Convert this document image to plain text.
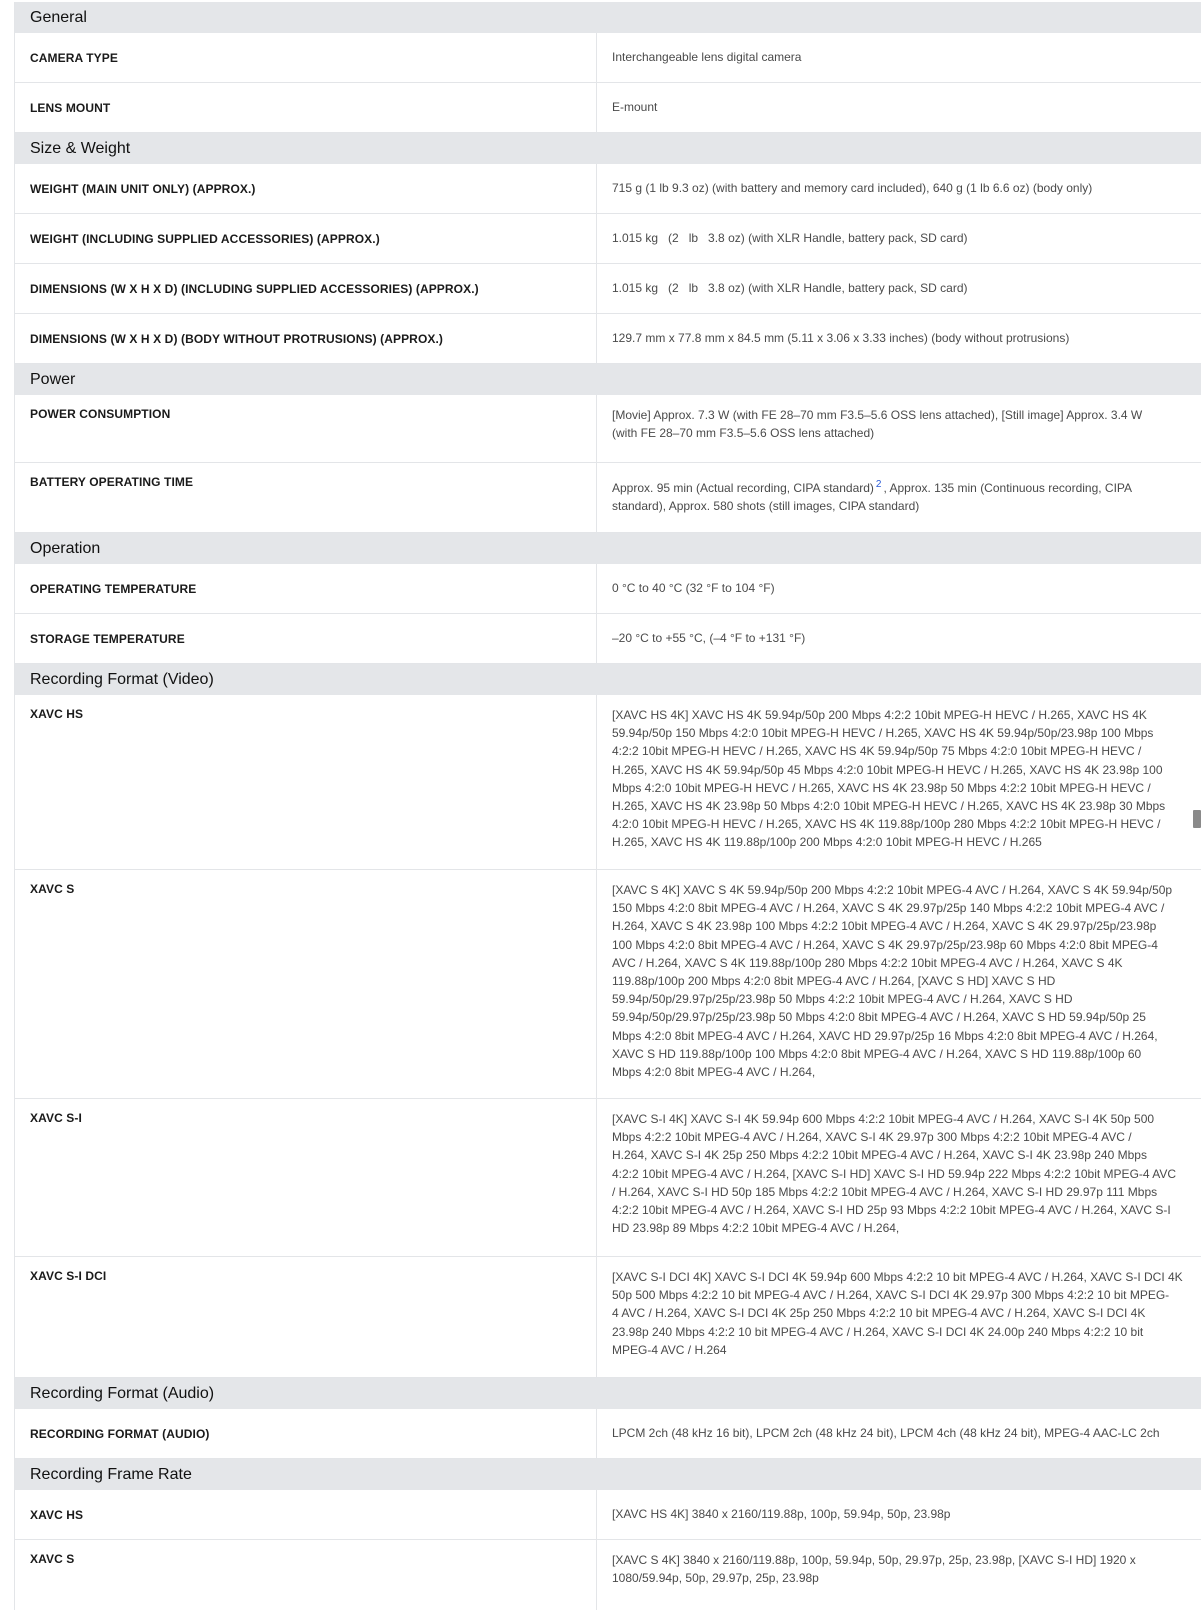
General
CAMERA TYPE	Interchangeable lens digital camera
LENS MOUNT	E-mount
Size & Weight
WEIGHT (MAIN UNIT ONLY) (APPROX.)	715 g (1 lb 9.3 oz) (with battery and memory card included), 640 g (1 lb 6.6 oz) (body only)
WEIGHT (INCLUDING SUPPLIED ACCESSORIES) (APPROX.)	1.015 kg   (2   lb   3.8 oz) (with XLR Handle, battery pack, SD card)
DIMENSIONS (W X H X D) (INCLUDING SUPPLIED ACCESSORIES) (APPROX.)	1.015 kg   (2   lb   3.8 oz) (with XLR Handle, battery pack, SD card)
DIMENSIONS (W X H X D) (BODY WITHOUT PROTRUSIONS) (APPROX.)	129.7 mm x 77.8 mm x 84.5 mm (5.11 x 3.06 x 3.33 inches) (body without protrusions)
Power
POWER CONSUMPTION	[Movie] Approx. 7.3 W (with FE 28–70 mm F3.5–5.6 OSS lens attached), [Still image] Approx. 3.4 W
(with FE 28–70 mm F3.5–5.6 OSS lens attached)
BATTERY OPERATING TIME	Approx. 95 min (Actual recording, CIPA standard) $^2$ , Approx. 135 min (Continuous recording, CIPA
standard), Approx. 580 shots (still images, CIPA standard)
Operation
OPERATING TEMPERATURE	0 °C to 40 °C (32 °F to 104 °F)
STORAGE TEMPERATURE	–20 °C to +55 °C, (–4 °F to +131 °F)
Recording Format (Video)
XAVC HS	[XAVC HS 4K] XAVC HS 4K 59.94p/50p 200 Mbps 4:2:2 10bit MPEG-H HEVC / H.265, XAVC HS 4K
59.94p/50p 150 Mbps 4:2:0 10bit MPEG-H HEVC / H.265, XAVC HS 4K 59.94p/50p/23.98p 100 Mbps
4:2:2 10bit MPEG-H HEVC / H.265, XAVC HS 4K 59.94p/50p 75 Mbps 4:2:0 10bit MPEG-H HEVC /
H.265, XAVC HS 4K 59.94p/50p 45 Mbps 4:2:0 10bit MPEG-H HEVC / H.265, XAVC HS 4K 23.98p 100
Mbps 4:2:0 10bit MPEG-H HEVC / H.265, XAVC HS 4K 23.98p 50 Mbps 4:2:2 10bit MPEG-H HEVC /
H.265, XAVC HS 4K 23.98p 50 Mbps 4:2:0 10bit MPEG-H HEVC / H.265, XAVC HS 4K 23.98p 30 Mbps
4:2:0 10bit MPEG-H HEVC / H.265, XAVC HS 4K 119.88p/100p 280 Mbps 4:2:2 10bit MPEG-H HEVC /
H.265, XAVC HS 4K 119.88p/100p 200 Mbps 4:2:0 10bit MPEG-H HEVC / H.265
XAVC S	[XAVC S 4K] XAVC S 4K 59.94p/50p 200 Mbps 4:2:2 10bit MPEG-4 AVC / H.264, XAVC S 4K 59.94p/50p
150 Mbps 4:2:0 8bit MPEG-4 AVC / H.264, XAVC S 4K 29.97p/25p 140 Mbps 4:2:2 10bit MPEG-4 AVC /
H.264, XAVC S 4K 23.98p 100 Mbps 4:2:2 10bit MPEG-4 AVC / H.264, XAVC S 4K 29.97p/25p/23.98p
100 Mbps 4:2:0 8bit MPEG-4 AVC / H.264, XAVC S 4K 29.97p/25p/23.98p 60 Mbps 4:2:0 8bit MPEG-4
AVC / H.264, XAVC S 4K 119.88p/100p 280 Mbps 4:2:2 10bit MPEG-4 AVC / H.264, XAVC S 4K
119.88p/100p 200 Mbps 4:2:0 8bit MPEG-4 AVC / H.264, [XAVC S HD] XAVC S HD
59.94p/50p/29.97p/25p/23.98p 50 Mbps 4:2:2 10bit MPEG-4 AVC / H.264, XAVC S HD
59.94p/50p/29.97p/25p/23.98p 50 Mbps 4:2:0 8bit MPEG-4 AVC / H.264, XAVC S HD 59.94p/50p 25
Mbps 4:2:0 8bit MPEG-4 AVC / H.264, XAVC HD 29.97p/25p 16 Mbps 4:2:0 8bit MPEG-4 AVC / H.264,
XAVC S HD 119.88p/100p 100 Mbps 4:2:0 8bit MPEG-4 AVC / H.264, XAVC S HD 119.88p/100p 60
Mbps 4:2:0 8bit MPEG-4 AVC / H.264,
XAVC S-I	[XAVC S-I 4K] XAVC S-I 4K 59.94p 600 Mbps 4:2:2 10bit MPEG-4 AVC / H.264, XAVC S-I 4K 50p 500
Mbps 4:2:2 10bit MPEG-4 AVC / H.264, XAVC S-I 4K 29.97p 300 Mbps 4:2:2 10bit MPEG-4 AVC /
H.264, XAVC S-I 4K 25p 250 Mbps 4:2:2 10bit MPEG-4 AVC / H.264, XAVC S-I 4K 23.98p 240 Mbps
4:2:2 10bit MPEG-4 AVC / H.264, [XAVC S-I HD] XAVC S-I HD 59.94p 222 Mbps 4:2:2 10bit MPEG-4 AVC
/ H.264, XAVC S-I HD 50p 185 Mbps 4:2:2 10bit MPEG-4 AVC / H.264, XAVC S-I HD 29.97p 111 Mbps
4:2:2 10bit MPEG-4 AVC / H.264, XAVC S-I HD 25p 93 Mbps 4:2:2 10bit MPEG-4 AVC / H.264, XAVC S-I
HD 23.98p 89 Mbps 4:2:2 10bit MPEG-4 AVC / H.264,
XAVC S-I DCI	[XAVC S-I DCI 4K] XAVC S-I DCI 4K 59.94p 600 Mbps 4:2:2 10 bit MPEG-4 AVC / H.264, XAVC S-I DCI 4K
50p 500 Mbps 4:2:2 10 bit MPEG-4 AVC / H.264, XAVC S-I DCI 4K 29.97p 300 Mbps 4:2:2 10 bit MPEG-
4 AVC / H.264, XAVC S-I DCI 4K 25p 250 Mbps 4:2:2 10 bit MPEG-4 AVC / H.264, XAVC S-I DCI 4K
23.98p 240 Mbps 4:2:2 10 bit MPEG-4 AVC / H.264, XAVC S-I DCI 4K 24.00p 240 Mbps 4:2:2 10 bit
MPEG-4 AVC / H.264
Recording Format (Audio)
RECORDING FORMAT (AUDIO)	LPCM 2ch (48 kHz 16 bit), LPCM 2ch (48 kHz 24 bit), LPCM 4ch (48 kHz 24 bit), MPEG-4 AAC-LC 2ch
Recording Frame Rate
XAVC HS	[XAVC HS 4K] 3840 x 2160/119.88p, 100p, 59.94p, 50p, 23.98p
XAVC S	[XAVC S 4K] 3840 x 2160/119.88p, 100p, 59.94p, 50p, 29.97p, 25p, 23.98p, [XAVC S-I HD] 1920 x
1080/59.94p, 50p, 29.97p, 25p, 23.98p
